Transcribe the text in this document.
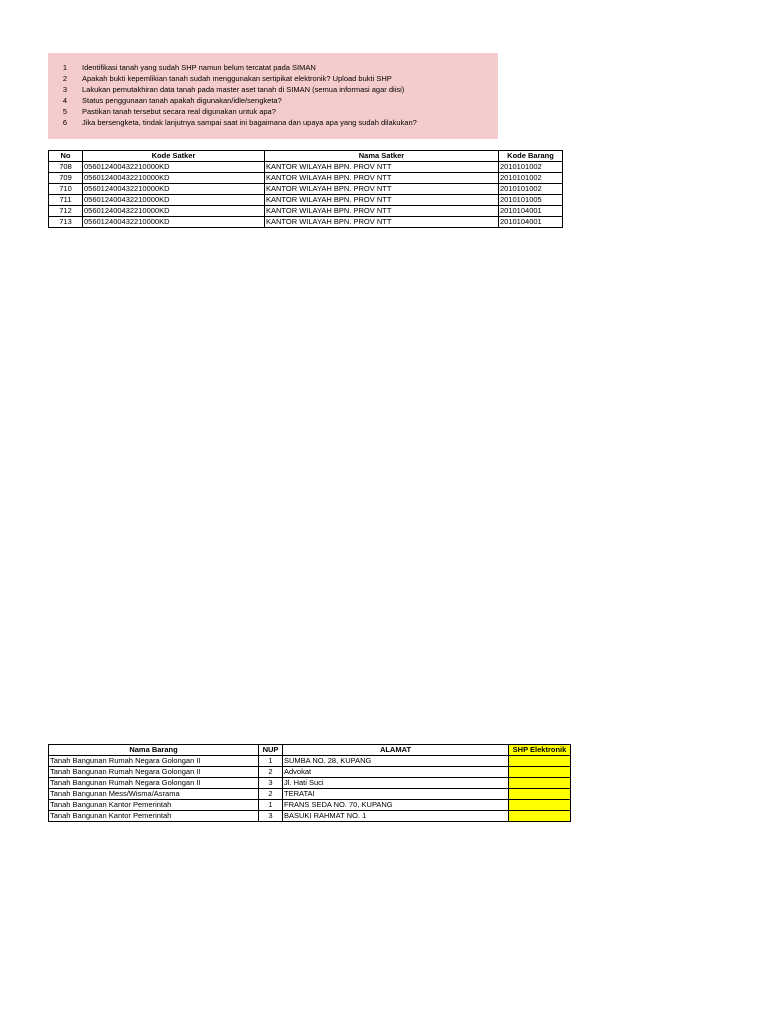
1 Identifikasi tanah yang sudah SHP namun belum tercatat pada SIMAN
2 Apakah bukti kepemlikian tanah sudah menggunakan sertipikat elektronik? Upload bukti SHP
3 Lakukan pemutakhiran data tanah pada master aset tanah di SIMAN (semua informasi agar diisi)
4 Status penggunaan tanah apakah digunakan/idle/sengketa?
5 Pastikan tanah tersebut secara real digunakan untuk apa?
6 Jika bersengketa, tindak lanjutnya sampai saat ini bagaimana dan upaya apa yang sudah dilakukan?
No	Kode Satker	Nama Satker	Kode Barang
708	056012400432210000KD	KANTOR WILAYAH BPN. PROV NTT	2010101002
709	056012400432210000KD	KANTOR WILAYAH BPN. PROV NTT	2010101002
710	056012400432210000KD	KANTOR WILAYAH BPN. PROV NTT	2010101002
711	056012400432210000KD	KANTOR WILAYAH BPN. PROV NTT	2010101005
712	056012400432210000KD	KANTOR WILAYAH BPN. PROV NTT	2010104001
713	056012400432210000KD	KANTOR WILAYAH BPN. PROV NTT	2010104001
Nama Barang	NUP	ALAMAT	SHP Elektronik
Tanah Bangunan Rumah Negara Golongan II	1	SUMBA NO. 28, KUPANG	
Tanah Bangunan Rumah Negara Golongan II	2	Advokat	
Tanah Bangunan Rumah Negara Golongan II	3	Jl. Hati Suci	
Tanah Bangunan Mess/Wisma/Asrama	2	TERATAI	
Tanah Bangunan Kantor Pemerintah	1	FRANS SEDA NO. 70, KUPANG	
Tanah Bangunan Kantor Pemerintah	3	BASUKI RAHMAT NO. 1	
